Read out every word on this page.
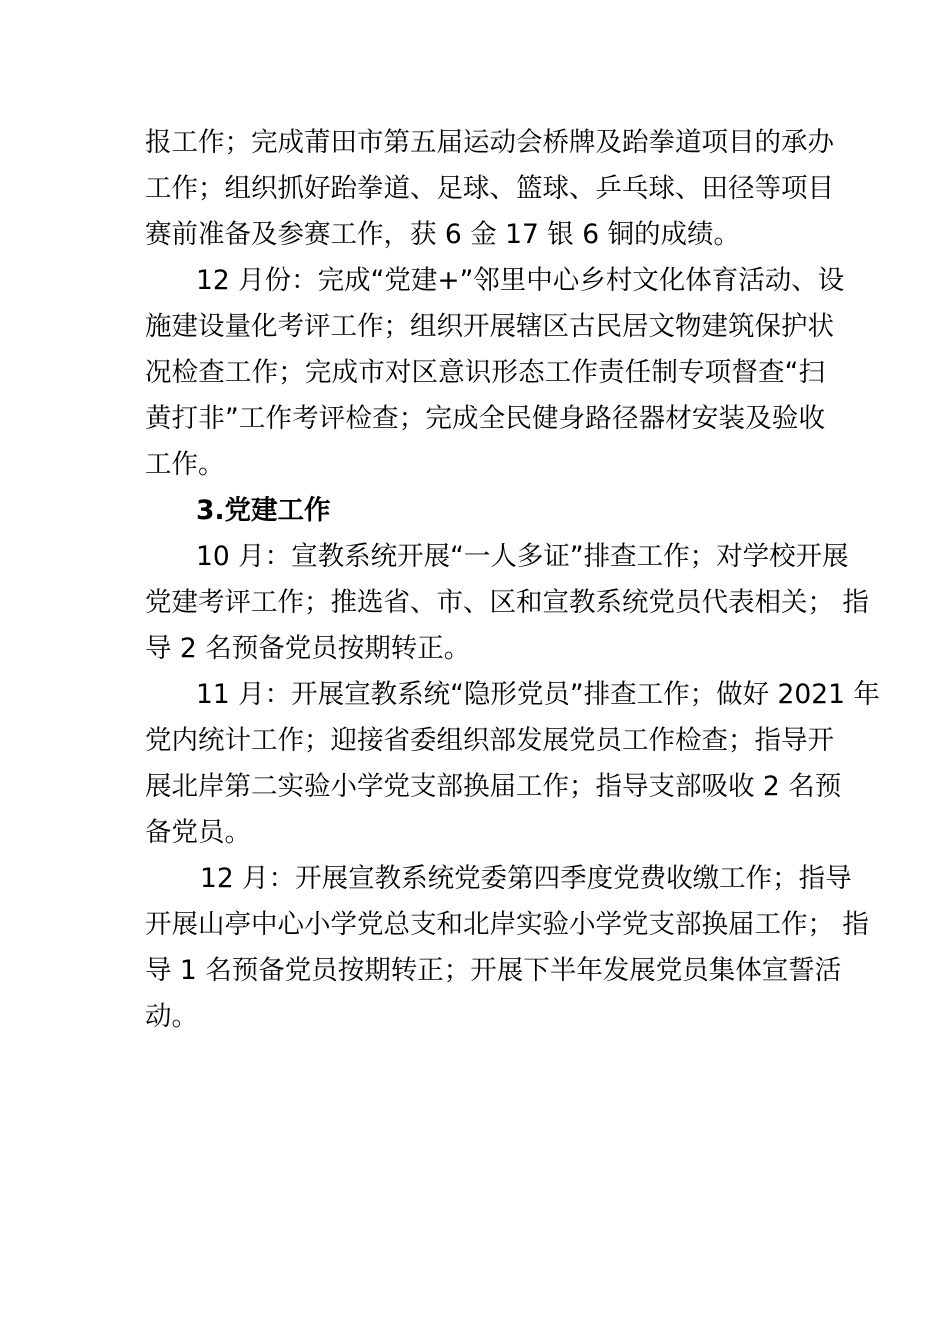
报工作；完成莆田市第五届运动会桥牌及跆拳道项目的承办
工作；组织抓好跆拳道、足球、篮球、乒乓球、田径等项目
赛前准备及参赛工作，获 6 金 17 银 6 铜的成绩。
12 月份：完成“党建+”邻里中心乡村文化体育活动、设
施建设量化考评工作；组织开展辖区古民居文物建筑保护状
况检查工作；完成市对区意识形态工作责任制专项督查“扫
黄打非”工作考评检查；完成全民健身路径器材安装及验收
工作。
3.党建工作
10 月：宣教系统开展“一人多证”排查工作；对学校开展
党建考评工作；推选省、市、区和宣教系统党员代表相关； 指
导 2 名预备党员按期转正。
11 月：开展宣教系统“隐形党员”排查工作；做好 2021 年
党内统计工作；迎接省委组织部发展党员工作检查；指导开
展北岸第二实验小学党支部换届工作；指导支部吸收 2 名预
备党员。
12 月：开展宣教系统党委第四季度党费收缴工作；指导
开展山亭中心小学党总支和北岸实验小学党支部换届工作； 指
导 1 名预备党员按期转正；开展下半年发展党员集体宣誓活
动。
